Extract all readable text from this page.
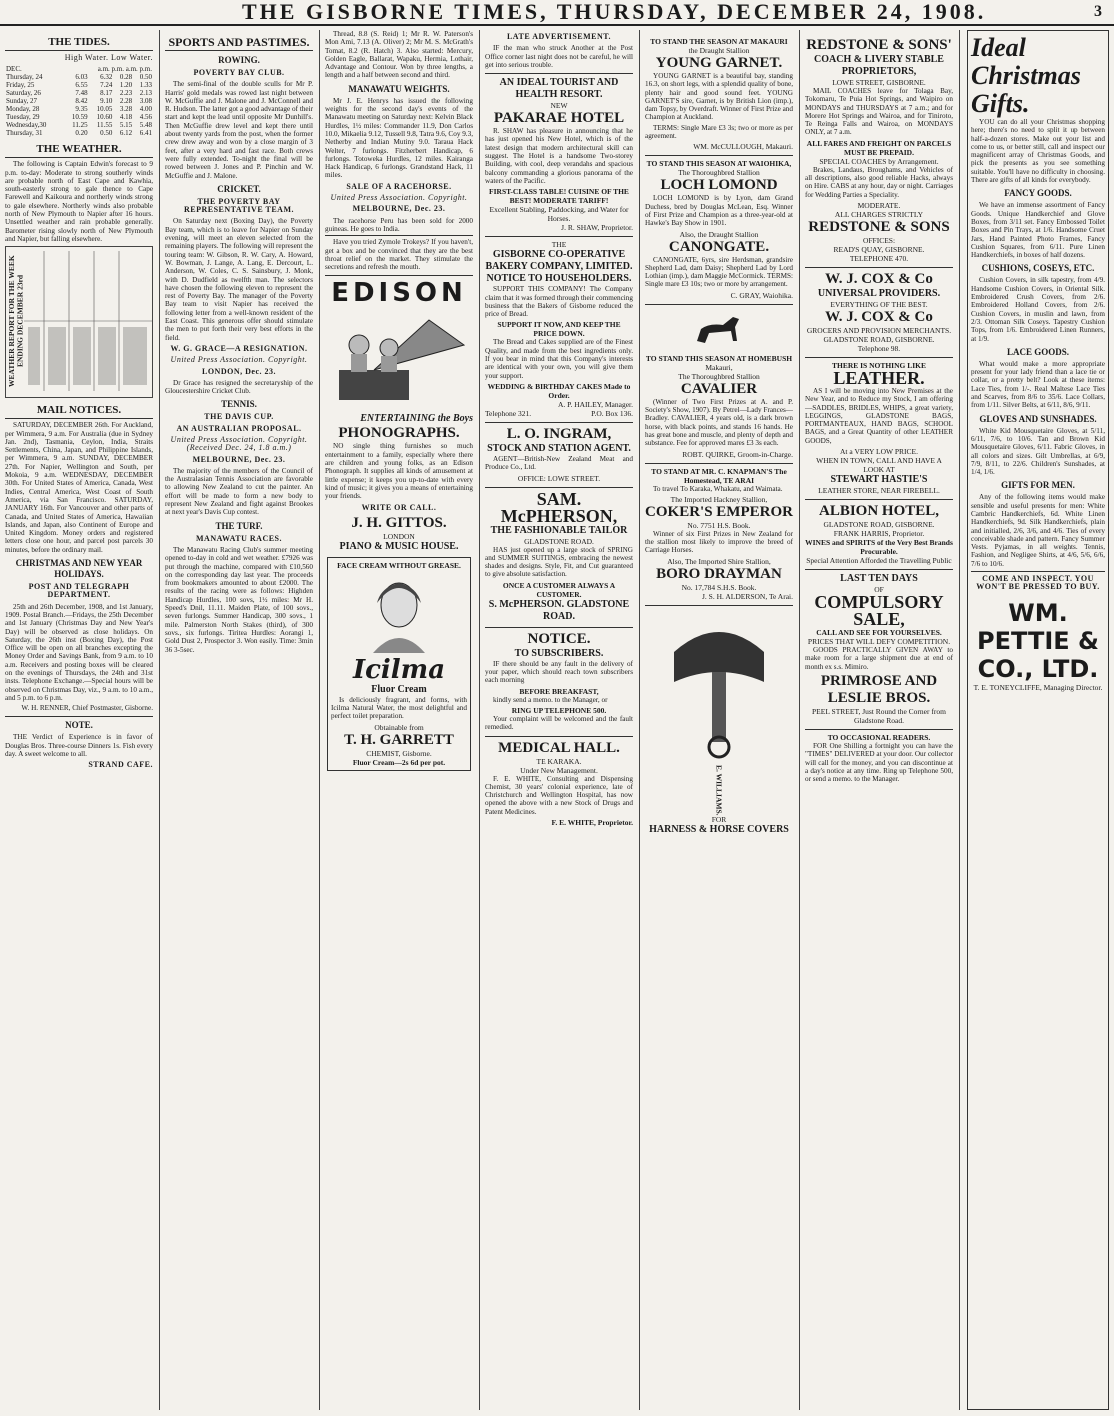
THE GISBORNE TIMES, THURSDAY, DECEMBER 24, 1908.	3
THE TIDES.
High Water. Low Water.
DEC.	a.m. p.m. a.m. p.m.			
Thursday, 24	6.03	6.32	0.28	0.50
Friday, 25	6.55	7.24	1.20	1.33
Saturday, 26	7.48	8.17	2.23	2.13
Sunday, 27	8.42	9.10	2.28	3.08
Monday, 28	9.35	10.05	3.28	4.00
Tuesday, 29	10.59	10.60	4.18	4.56
Wednesday,30	11.25	11.55	5.15	5.48
Thursday, 31	0.20	0.50	6.12	6.41
THE WEATHER.

The following is Captain Edwin's forecast to 9 p.m. to-day: Moderate to strong southerly winds are probable north of East Cape and Kawhia, south-easterly strong to gale thence to Cape Farewell and Kaikoura and northerly winds strong to gale elsewhere. Northerly winds also probable north of New Plymouth to Napier after 16 hours. Unsettled weather and rain probable generally. Barometer rising slowly north of New Plymouth and Napier, but falling elsewhere.

WEATHER REPORT FOR THE WEEK ENDING DECEMBER 23rd
MAIL NOTICES.

SATURDAY, DECEMBER 26th. For Auckland, per Wimmera, 9 a.m. For Australia (due in Sydney Jan. 2nd), Tasmania, Ceylon, India, Straits Settlements, China, Japan, and Philippine Islands, per Wimmera, 9 a.m. SUNDAY, DECEMBER 27th. For Napier, Wellington and South, per Mokoiа, 9 a.m. WEDNESDAY, DECEMBER 30th. For United States of America, Canada, West Indies, Central America, West Coast of South America, via San Francisco. SATURDAY, JANUARY 16th. For Vancouver and other parts of Canada, and United States of America, Hawaiian Islands, and Japan, also Continent of Europe and United Kingdom. Money orders and registered letters close one hour, and parcel post parcels 30 minutes, before the ordinary mail.

CHRISTMAS AND NEW YEAR HOLIDAYS.
POST AND TELEGRAPH DEPARTMENT.

25th and 26th December, 1908, and 1st January, 1909. Postal Branch.—Fridays, the 25th December and 1st January (Christmas Day and New Year's Day) will be observed as close holidays. On Saturday, the 26th inst (Boxing Day), the Post Office will be open on all branches excepting the Money Order and Savings Bank, from 9 a.m. to 10 a.m. Receivers and posting boxes will be cleared on the evenings of Thursdays, the 24th and 31st insts. Telephone Exchange.—Special hours will be observed on Christmas Day, viz., 9 a.m. to 10 a.m., and 5 p.m. to 6 p.m.

W. H. RENNER, Chief Postmaster, Gisborne.

NOTE.

THE Verdict of Experience is in favor of Douglas Bros. Three-course Dinners 1s. Fish every day. A sweet welcome to all.

STRAND CAFE.
SPORTS AND PASTIMES.
ROWING.
POVERTY BAY CLUB.

The semi-final of the double sculls for Mr P. Harris' gold medals was rowed last night between W. McGuffie and J. Malone and J. McConnell and R. Hudson. The latter got a good advantage of their start and kept the lead until opposite Mr Dunhill's. Then McGuffie drew level and kept there until about twenty yards from the post, when the former crew drew away and won by a close margin of 3 feet, after a very hard and fast race. Both crews were fully extended. To-night the final will be rowed between J. Jones and P. Pinchin and W. McGuffie and J. Malone.

CRICKET.
THE POVERTY BAY REPRESENTATIVE TEAM.

On Saturday next (Boxing Day), the Poverty Bay team, which is to leave for Napier on Sunday evening, will meet an eleven selected from the remaining players. The following will represent the touring team: W. Gibson, R. W. Cary, A. Howard, W. Bowman, J. Lange, A. Lang, E. Dercourt, L. Anderson, W. Coles, C. S. Sainsbury, J. Monk, with D. Dudfield as twelfth man. The selectors have chosen the following eleven to represent the rest of Poverty Bay. The manager of the Poverty Bay team to visit Napier has received the following letter from a well-known resident of the East Coast. This generous offer should stimulate the men to put forth their very best efforts in the field.

W. G. GRACE—A RESIGNATION.
United Press Association. Copyright.
LONDON, Dec. 23.

Dr Grace has resigned the secretaryship of the Gloucestershire Cricket Club.

TENNIS.
THE DAVIS CUP.
AN AUSTRALIAN PROPOSAL.
United Press Association. Copyright. (Received Dec. 24, 1.8 a.m.)
MELBOURNE, Dec. 23.

The majority of the members of the Council of the Australasian Tennis Association are favorable to allowing New Zealand to cut the painter. An effort will be made to form a new body to represent New Zealand and fight against Brookes at next year's Davis Cup contest.

THE TURF.
MANAWATU RACES.

The Manawatu Racing Club's summer meeting opened to-day in cold and wet weather. £7926 was put through the machine, compared with £10,560 on the corresponding day last year. The proceeds from bookmakers amounted to about £2000. The results of the racing were as follows: Highden Handicap Hurdles, 100 sovs, 1½ miles: Mr H. Speed's Dnil, 11.11. Maiden Plate, of 100 sovs., seven furlongs. Summer Handicap, 300 sovs., 1 mile. Palmerston North Stakes (third), of 300 sovs., six furlongs. Tiritea Hurdles: Aorangi 1, Gold Dust 2, Prospector 3. Won easily. Time: 3min 36 3-5sec.

Thread, 8.8 (S. Reid) 1; Mr R. W. Paterson's Mon Ami, 7.13 (A. Oliver) 2; Mr M. S. McGrath's Tomat, 8.2 (R. Hatch) 3. Also started: Mercury, Golden Eagle, Ballarat, Wapaku, Hermia, Lothair, Advantage and Contour. Won by three lengths, a length and a half between second and third.

MANAWATU WEIGHTS.

Mr J. E. Henrys has issued the following weights for the second day's events of the Manawatu meeting on Saturday next: Kelvin Black Hurdles, 1½ miles: Commander 11.9, Don Carlos 10.0, Mikaelia 9.12, Tussell 9.8, Tatra 9.6, Coy 9.3, Netherby and Indian Mutiny 9.0. Taraua Hack Welter, 7 furlongs. Fitzherbert Handicap, 6 furlongs. Totoweka Hurdles, 12 miles. Kairanga Hack Handicap, 6 furlongs. Grandstand Hack, 11 miles.

SALE OF A RACEHORSE.
United Press Association. Copyright.
MELBOURNE, Dec. 23.

The racehorse Peru has been sold for 2000 guineas. He goes to India.

Have you tried Zymole Trokeys? If you haven't, get a box and be convinced that they are the best throat relief on the market. They stimulate the secretions and refresh the mouth.

EDISON
ENTERTAINING the Boys
PHONOGRAPHS.

NO single thing furnishes so much entertainment to a family, especially where there are children and young folks, as an Edison Phonograph. It supplies all kinds of amusement at little expense; it keeps you up-to-date with every kind of music; it gives you a means of entertaining your friends.

WRITE OR CALL.
J. H. GITTOS.
LONDON
PIANO & MUSIC HOUSE.
FACE CREAM WITHOUT GREASE.
Icilma
Fluor Cream

Is deliciously fragrant, and forms, with Icilma Natural Water, the most delightful and perfect toilet preparation.

Obtainable from
T. H. GARRETT
CHEMIST, Gisborne.
Fluor Cream—2s 6d per pot.
LATE ADVERTISEMENT.

IF the man who struck Another at the Post Office corner last night does not be careful, he will get into serious trouble.

AN IDEAL TOURIST AND HEALTH RESORT.
NEW
PAKARAE HOTEL

R. SHAW has pleasure in announcing that he has just opened his New Hotel, which is of the latest design that modern architectural skill can suggest. The Hotel is a handsome Two-storey Building, with cool, deep verandahs and spacious balcony commanding a glorious panorama of the waters of the Pacific.

FIRST-CLASS TABLE! CUISINE OF THE BEST! MODERATE TARIFF!
Excellent Stabling, Paddocking, and Water for Horses.
J. R. SHAW, Proprietor.
THE
GISBORNE CO-OPERATIVE BAKERY COMPANY, LIMITED.
NOTICE TO HOUSEHOLDERS.

SUPPORT THIS COMPANY! The Company claim that it was formed through their commencing business that the Bakers of Gisborne reduced the price of Bread.

SUPPORT IT NOW, AND KEEP THE PRICE DOWN.

The Bread and Cakes supplied are of the Finest Quality, and made from the best ingredients only. If you bear in mind that this Company's interests are identical with your own, you will give them your support.

WEDDING & BIRTHDAY CAKES Made to Order.
A. P. HAILEY, Manager.
Telephone 321.	P.O. Box 136.
L. O. INGRAM,
STOCK AND STATION AGENT.

AGENT—British-New Zealand Meat and Produce Co., Ltd.

OFFICE: LOWE STREET.
SAM. McPHERSON,
THE FASHIONABLE TAILOR
GLADSTONE ROAD.

HAS just opened up a large stock of SPRING and SUMMER SUITINGS, embracing the newest shades and designs. Style, Fit, and Cut guaranteed to give absolute satisfaction.

ONCE A CUSTOMER ALWAYS A CUSTOMER.
S. McPHERSON. GLADSTONE ROAD.
NOTICE.
TO SUBSCRIBERS.

IF there should be any fault in the delivery of your paper, which should reach town subscribers each morning

BEFORE BREAKFAST,

kindly send a memo. to the Manager, or

RING UP TELEPHONE 500.

Your complaint will be welcomed and the fault remedied.

MEDICAL HALL.
TE KARAKA.
Under New Management.

F. E. WHITE, Consulting and Dispensing Chemist, 30 years' colonial experience, late of Christchurch and Wellington Hospital, has now opened the above with a new Stock of Drugs and Patent Medicines.

F. E. WHITE, Proprietor.
TO STAND THE SEASON AT MAKAURI
the Draught Stallion
YOUNG GARNET.

YOUNG GARNET is a beautiful bay, standing 16.3, on short legs, with a splendid quality of bone, plenty hair and good sound feet. YOUNG GARNET'S sire, Garnet, is by British Lion (imp.), dam Topsy, by Overdraft. Winner of First Prize and Champion at Auckland.

TERMS: Single Mare £3 3s; two or more as per agreement.

WM. McCULLOUGH, Makauri.
TO STAND THIS SEASON AT WAIOHIKA,
The Thoroughbred Stallion
LOCH LOMOND

LOCH LOMOND is by Lyon, dam Grand Duchess, bred by Douglas McLean, Esq. Winner of First Prize and Champion as a three-year-old at Hawke's Bay Show in 1901.

Also, the Draught Stallion
CANONGATE.

CANONGATE, 6yrs, sire Herdsman, grandsire Shepherd Lad, dam Daisy; Shepherd Lad by Lord Lothian (imp.), dam Maggie McCormick. TERMS: Single mare £3 10s; two or more by arrangement.

C. GRAY, Waiohika.
TO STAND THIS SEASON AT HOMEBUSH
Makauri,
The Thoroughbred Stallion
CAVALIER

(Winner of Two First Prizes at A. and P. Society's Show, 1907). By Petrel—Lady Frances—Bradley. CAVALIER, 4 years old, is a dark brown horse, with black points, and stands 16 hands. He has great bone and muscle, and plenty of depth and substance. Fee for approved mares £3 3s each.

ROBT. QUIRKE, Groom-in-Charge.
TO STAND AT MR. C. KNAPMAN'S The Homestead, TE ARAI

To travel To Karaka, Whakatu, and Waimata.

The Imported Hackney Stallion,
COKER'S EMPEROR
No. 7751 H.S. Book.

Winner of six First Prizes in New Zealand for the stallion most likely to improve the breed of Carriage Horses.

Also, The Imported Shire Stallion,
BORO DRAYMAN
No. 17,784 S.H.S. Book.
J. S. H. ALDERSON, Te Arai.
E. WILLIAMS.
FOR
HARNESS & HORSE COVERS
REDSTONE & SONS'
COACH & LIVERY STABLE PROPRIETORS,
LOWE STREET, GISBORNE.

MAIL COACHES leave for Tolaga Bay, Tokomaru, Te Puia Hot Springs, and Waipiro on MONDAYS and THURSDAYS at 7 a.m.; and for Morere Hot Springs and Wairoa, and for Tiniroto, Te Reinga Falls and Wairoa, on MONDAYS ONLY, at 7 a.m.

ALL FARES AND FREIGHT ON PARCELS MUST BE PREPAID.
SPECIAL COACHES by Arrangement.

Brakes, Landaus, Broughams, and Vehicles of all descriptions, also good reliable Hacks, always on Hire. CABS at any hour, day or night. Carriages for Wedding Parties a Speciality.

MODERATE.
ALL CHARGES STRICTLY
REDSTONE & SONS
OFFICES:
READ'S QUAY, GISBORNE.
TELEPHONE 470.
W. J. COX & Co
UNIVERSAL PROVIDERS.
EVERYTHING OF THE BEST.
W. J. COX & Co
GROCERS AND PROVISION MERCHANTS.
GLADSTONE ROAD, GISBORNE.
Telephone 98.
THERE IS NOTHING LIKE
LEATHER.

AS I will be moving into New Premises at the New Year, and to Reduce my Stock, I am offering—SADDLES, BRIDLES, WHIPS, a great variety, LEGGINGS, GLADSTONE BAGS, PORTMANTEAUX, HAND BAGS, SCHOOL BAGS, and a Great Quantity of other LEATHER GOODS,

At a VERY LOW PRICE.
WHEN IN TOWN, CALL AND HAVE A LOOK AT
STEWART HASTIE'S
LEATHER STORE, NEAR FIREBELL.
ALBION HOTEL,
GLADSTONE ROAD, GISBORNE.
FRANK HARRIS, Proprietor.
WINES and SPIRITS of the Very Best Brands Procurable.
Special Attention Afforded the Travelling Public
LAST TEN DAYS
OF
COMPULSORY SALE,
CALL AND SEE FOR YOURSELVES.
PRICES THAT WILL DEFY COMPETITION.

GOODS PRACTICALLY GIVEN AWAY to make room for a large shipment due at end of month ex s.s. Mimiro.

PRIMROSE AND LESLIE BROS.
PEEL STREET, Just Round the Corner from Gladstone Road.
TO OCCASIONAL READERS.

FOR One Shilling a fortnight you can have the "TIMES" DELIVERED at your door. Our collector will call for the money, and you can discontinue at a day's notice at any time. Ring up Telephone 500, or send a memo. to the Manager.

Ideal Christmas Gifts.

YOU can do all your Christmas shopping here; there's no need to split it up between half-a-dozen stores. Make out your list and come to us, or better still, call and inspect our magnificent array of Christmas Goods, and pick the presents as you see something suitable. You'll have no difficulty in choosing. There are gifts of all kinds for everybody.

FANCY GOODS.

We have an immense assortment of Fancy Goods. Unique Handkerchief and Glove Boxes, from 3/11 set. Fancy Embossed Toilet Boxes and Pin Trays, at 1/6. Handsome Cruet Jars, Hand Painted Photo Frames, Fancy Cushion Squares, from 6/11. Pure Linen Handkerchiefs, in boxes of half dozens.

CUSHIONS, COSEYS, ETC.

Cushion Covers, in silk tapestry, from 4/9. Handsome Cushion Covers, in Oriental Silk. Embroidered Crush Covers, from 2/6. Embroidered Holland Covers, from 2/6. Cushion Covers, in muslin and lawn, from 2/3. Ottoman Silk Coseys. Tapestry Cushion Tops, from 1/6. Embroidered Linen Runners, at 1/9.

LACE GOODS.

What would make a more appropriate present for your lady friend than a lace tie or collar, or a pretty belt? Look at these items: Lace Ties, from 1/-. Real Maltese Lace Ties and Scarves, from 8/6 to 35/6. Lace Collars, from 1/11. Silver Belts, at 6/11, 8/6, 9/11.

GLOVES AND SUNSHADES.

White Kid Mousquetaire Gloves, at 5/11, 6/11, 7/6, to 10/6. Tan and Brown Kid Mousquetaire Gloves, 6/11. Fabric Gloves, in all colors and sizes. Gilt Umbrellas, at 6/9, 7/9, 8/11, to 22/6. Children's Sunshades, at 1/4, 1/6.

GIFTS FOR MEN.

Any of the following items would make sensible and useful presents for men: White Cambric Handkerchiefs, 6d. White Linen Handkerchiefs, 9d. Silk Handkerchiefs, plain and initialled, 2/6, 3/6, and 4/6. Ties of every conceivable shade and pattern. Fancy Summer Vests. Pyjamas, in all weights. Tennis, Fashion, and Negligee Shirts, at 4/6, 5/6, 6/6, 7/6 to 10/6.

COME AND INSPECT. YOU WON'T BE PRESSED TO BUY.
WM. PETTIE & CO., LTD.
T. E. TONEYCLIFFE, Managing Director.
